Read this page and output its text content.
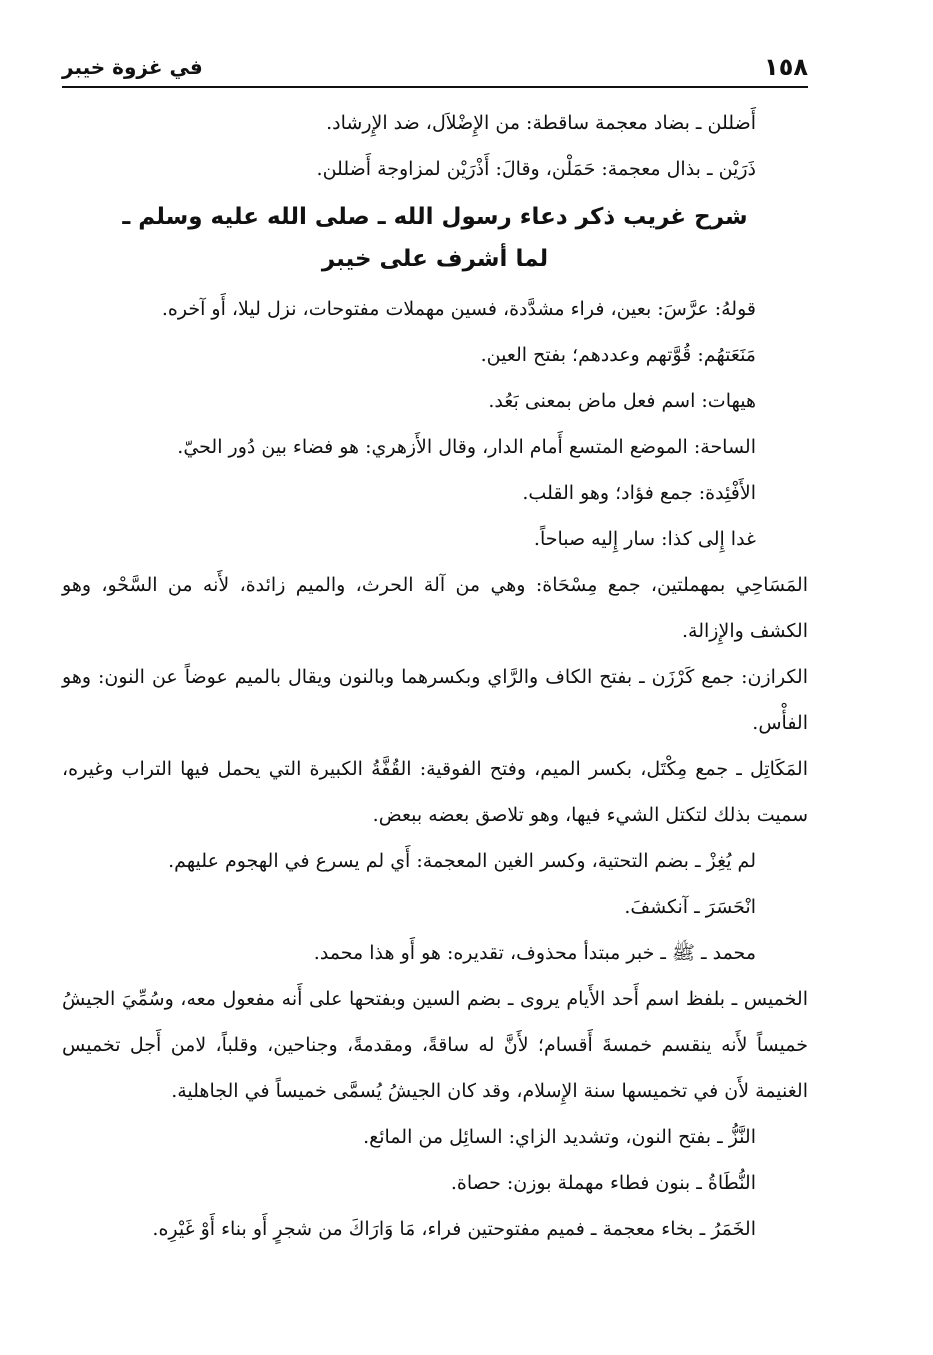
١٥٨
في غزوة خيبر

أَضللن ـ بضاد معجمة ساقطة: من الإِضْلاَل، ضد الإِرشاد.

ذَرَيْن ـ بذال معجمة: حَمَلْن، وقالَ: أَذْرَيْن لمزاوجة أَضللن.

شرح غريب ذكر دعاء رسول الله ـ صلى الله عليه وسلم ـ
لما أشرف على خيبر

قولهُ: عرَّسَ: بعين، فراء مشدَّدة، فسين مهملات مفتوحات، نزل ليلا، أَو آخره.

مَنَعَتهُم: قُوَّتهم وعددهم؛ بفتح العين.

هيهات: اسم فعل ماض بمعنى بَعُد.

الساحة: الموضع المتسع أَمام الدار، وقال الأَزهري: هو فضاء بين دُور الحيّ.

الأَفْئِدة: جمع فؤاد؛ وهو القلب.

غدا إِلى كذا: سار إِليه صباحاً.

المَسَاحِي بمهملتين، جمع مِسْحَاة: وهي من آلة الحرث، والميم زائدة، لأَنه من السَّحْو، وهو الكشف والإِزالة.

الكرازن: جمع كَرْزَن ـ بفتح الكاف والرَّاي وبكسرهما وبالنون ويقال بالميم عوضاً عن النون: وهو الفأْس.

المَكَاتِل ـ جمع مِكْتَل، بكسر الميم، وفتح الفوقية: القُفَّةُ الكبيرة التي يحمل فيها التراب وغيره، سميت بذلك لتكتل الشيء فيها، وهو تلاصق بعضه ببعض.

لم يُغِزْ ـ بضم التحتية، وكسر الغين المعجمة: أَي لم يسرع في الهجوم عليهم.

انْحَسَرَ ـ آنكشفَ.

محمد ـ ﷺ ـ خبر مبتدأ محذوف، تقديره: هو أَو هذا محمد.

الخميس ـ بلفظ اسم أَحد الأَيام يروى ـ بضم السين وبفتحها على أَنه مفعول معه، وسُمِّيَ الجيشُ خميساً لأَنه ينقسم خمسةَ أَقسام؛ لأَنَّ له ساقةً، ومقدمةً، وجناحين، وقلباً، لامن أَجل تخميس الغنيمة لأَن في تخميسها سنة الإِسلام، وقد كان الجيشُ يُسمَّى خميساً في الجاهلية.

النَّزُّ ـ بفتح النون، وتشديد الزاي: السائِل من المائع.

النُّطَاةُ ـ بنون فطاء مهملة بوزن: حصاة.

الخَمَرُ ـ بخاء معجمة ـ فميم مفتوحتين فراء، مَا وَارَاكَ من شجرٍ أَو بناء أَوْ غَيْرِه.
